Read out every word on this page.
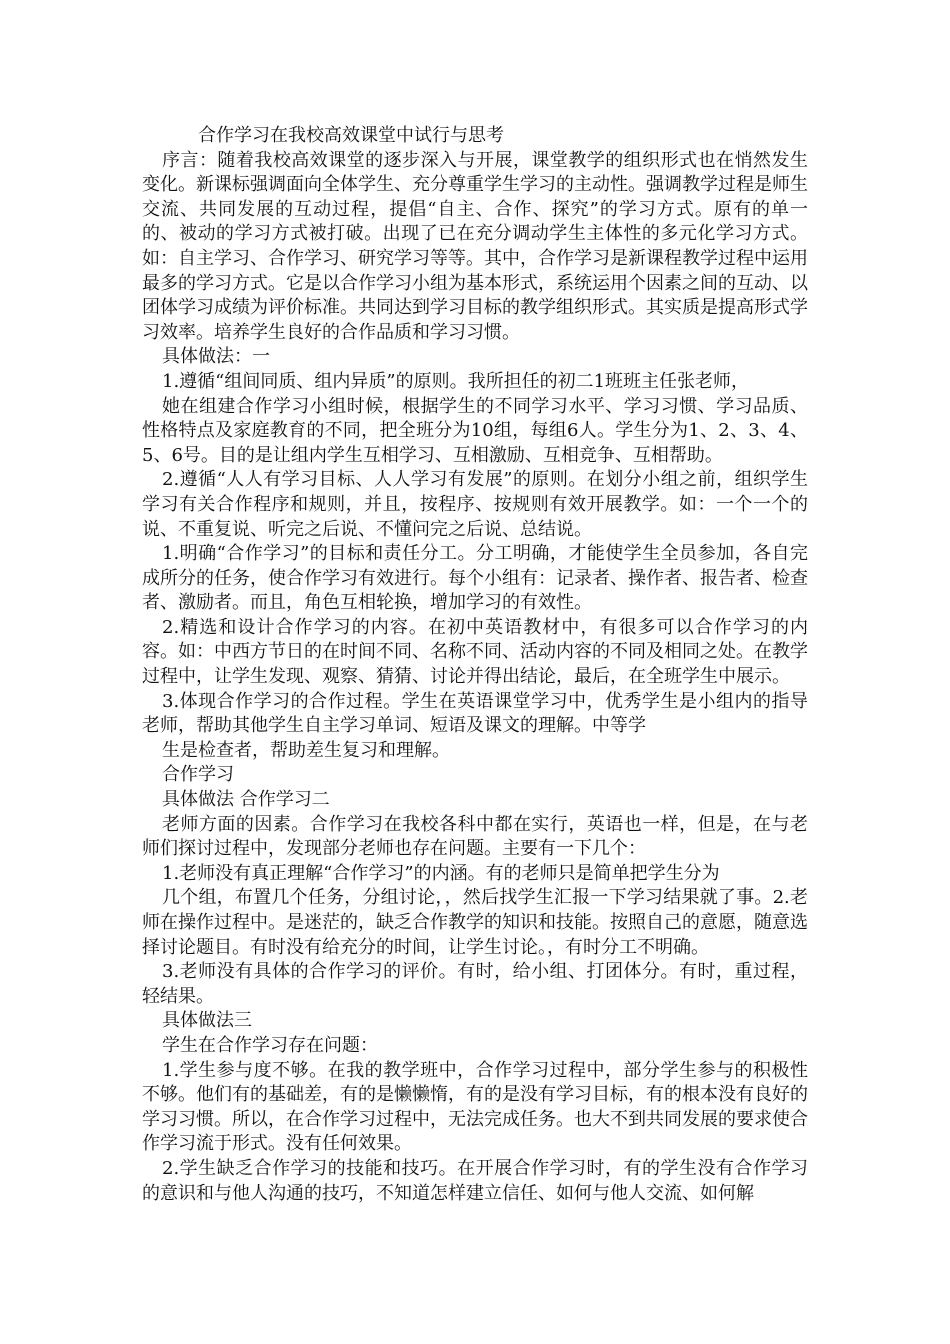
合作学习在我校高效课堂中试行与思考

序言：随着我校高效课堂的逐步深入与开展，课堂教学的组织形式也在悄然发生变化。新课标强调面向全体学生、充分尊重学生学习的主动性。强调教学过程是师生交流、共同发展的互动过程，提倡“自主、合作、探究”的学习方式。原有的单一的、被动的学习方式被打破。出现了已在充分调动学生主体性的多元化学习方式。如：自主学习、合作学习、研究学习等等。其中，合作学习是新课程教学过程中运用最多的学习方式。它是以合作学习小组为基本形式，系统运用个因素之间的互动、以团体学习成绩为评价标准。共同达到学习目标的教学组织形式。其实质是提高形式学习效率。培养学生良好的合作品质和学习习惯。

具体做法：一

1.遵循“组间同质、组内异质”的原则。我所担任的初二1班班主任张老师，

她在组建合作学习小组时候，根据学生的不同学习水平、学习习惯、学习品质、性格特点及家庭教育的不同，把全班分为10组，每组6人。学生分为1、2、3、4、5、6号。目的是让组内学生互相学习、互相激励、互相竞争、互相帮助。

2.遵循“人人有学习目标、人人学习有发展”的原则。在划分小组之前，组织学生学习有关合作程序和规则，并且，按程序、按规则有效开展教学。如：一个一个的说、不重复说、听完之后说、不懂问完之后说、总结说。

1.明确“合作学习”的目标和责任分工。分工明确，才能使学生全员参加，各自完成所分的任务，使合作学习有效进行。每个小组有：记录者、操作者、报告者、检查者、激励者。而且，角色互相轮换，增加学习的有效性。

2.精选和设计合作学习的内容。在初中英语教材中，有很多可以合作学习的内容。如：中西方节日的在时间不同、名称不同、活动内容的不同及相同之处。在教学过程中，让学生发现、观察、猜猜、讨论并得出结论，最后，在全班学生中展示。

3.体现合作学习的合作过程。学生在英语课堂学习中，优秀学生是小组内的指导老师，帮助其他学生自主学习单词、短语及课文的理解。中等学

生是检查者，帮助差生复习和理解。

合作学习

具体做法 合作学习二

老师方面的因素。合作学习在我校各科中都在实行，英语也一样，但是，在与老师们探讨过程中，发现部分老师也存在问题。主要有一下几个：

1.老师没有真正理解“合作学习”的内涵。有的老师只是简单把学生分为

几个组，布置几个任务，分组讨论，，然后找学生汇报一下学习结果就了事。2.老师在操作过程中。是迷茫的，缺乏合作教学的知识和技能。按照自己的意愿，随意选择讨论题目。有时没有给充分的时间，让学生讨论。，有时分工不明确。

3.老师没有具体的合作学习的评价。有时，给小组、打团体分。有时，重过程，轻结果。

具体做法三

学生在合作学习存在问题：

1.学生参与度不够。在我的教学班中，合作学习过程中，部分学生参与的积极性不够。他们有的基础差，有的是懒懒惰，有的是没有学习目标，有的根本没有良好的学习习惯。所以，在合作学习过程中，无法完成任务。也大不到共同发展的要求使合作学习流于形式。没有任何效果。

2.学生缺乏合作学习的技能和技巧。在开展合作学习时，有的学生没有合作学习的意识和与他人沟通的技巧，不知道怎样建立信任、如何与他人交流、如何解
